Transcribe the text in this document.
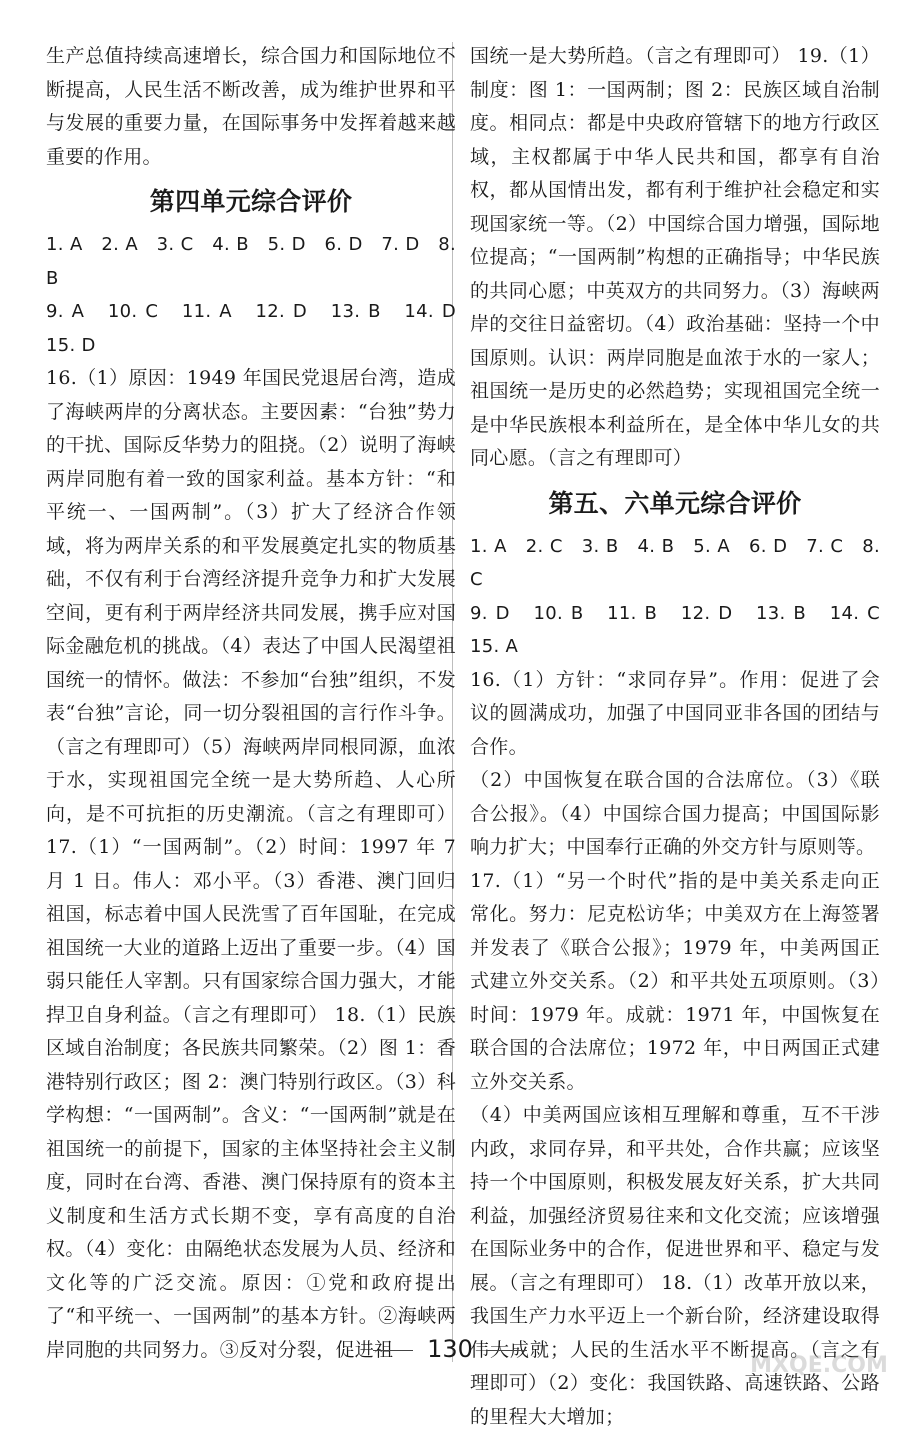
生产总值持续高速增长，综合国力和国际地位不断提高，人民生活不断改善，成为维护世界和平与发展的重要力量，在国际事务中发挥着越来越重要的作用。

第四单元综合评价
1. A   2. A   3. C   4. B   5. D   6. D   7. D   8. B
9. A   10. C   11. A   12. D   13. B   14. D   15. D

16.（1）原因：1949 年国民党退居台湾，造成了海峡两岸的分离状态。主要因素：“台独”势力的干扰、国际反华势力的阻挠。（2）说明了海峡两岸同胞有着一致的国家利益。基本方针：“和平统一、一国两制”。（3）扩大了经济合作领域，将为两岸关系的和平发展奠定扎实的物质基础，不仅有利于台湾经济提升竞争力和扩大发展空间，更有利于两岸经济共同发展，携手应对国际金融危机的挑战。（4）表达了中国人民渴望祖国统一的情怀。做法：不参加“台独”组织，不发表“台独”言论，同一切分裂祖国的言行作斗争。（言之有理即可）（5）海峡两岸同根同源，血浓于水，实现祖国完全统一是大势所趋、人心所向，是不可抗拒的历史潮流。（言之有理即可） 17.（1）“一国两制”。（2）时间：1997 年 7 月 1 日。伟人：邓小平。（3）香港、澳门回归祖国，标志着中国人民洗雪了百年国耻，在完成祖国统一大业的道路上迈出了重要一步。（4）国弱只能任人宰割。只有国家综合国力强大，才能捍卫自身利益。（言之有理即可） 18.（1）民族区域自治制度；各民族共同繁荣。（2）图 1：香港特别行政区；图 2：澳门特别行政区。（3）科学构想：“一国两制”。含义：“一国两制”就是在祖国统一的前提下，国家的主体坚持社会主义制度，同时在台湾、香港、澳门保持原有的资本主义制度和生活方式长期不变，享有高度的自治权。（4）变化：由隔绝状态发展为人员、经济和文化等的广泛交流。原因：①党和政府提出了“和平统一、一国两制”的基本方针。②海峡两岸同胞的共同努力。③反对分裂，促进祖

国统一是大势所趋。（言之有理即可） 19.（1）制度：图 1：一国两制；图 2：民族区域自治制度。相同点：都是中央政府管辖下的地方行政区域，主权都属于中华人民共和国，都享有自治权，都从国情出发，都有利于维护社会稳定和实现国家统一等。（2）中国综合国力增强，国际地位提高；“一国两制”构想的正确指导；中华民族的共同心愿；中英双方的共同努力。（3）海峡两岸的交往日益密切。（4）政治基础：坚持一个中国原则。认识：两岸同胞是血浓于水的一家人；祖国统一是历史的必然趋势；实现祖国完全统一是中华民族根本利益所在，是全体中华儿女的共同心愿。（言之有理即可）

第五、六单元综合评价
1. A   2. C   3. B   4. B   5. A   6. D   7. C   8. C
9. D   10. B   11. B   12. D   13. B   14. C   15. A

16.（1）方针：“求同存异”。作用：促进了会议的圆满成功，加强了中国同亚非各国的团结与合作。

（2）中国恢复在联合国的合法席位。（3）《联合公报》。（4）中国综合国力提高；中国国际影响力扩大；中国奉行正确的外交方针与原则等。

17.（1）“另一个时代”指的是中美关系走向正常化。努力：尼克松访华；中美双方在上海签署并发表了《联合公报》；1979 年，中美两国正式建立外交关系。（2）和平共处五项原则。（3）时间：1979 年。成就：1971 年，中国恢复在联合国的合法席位；1972 年，中日两国正式建立外交关系。

（4）中美两国应该相互理解和尊重，互不干涉内政，求同存异，和平共处，合作共赢；应该坚持一个中国原则，积极发展友好关系，扩大共同利益，加强经济贸易往来和文化交流；应该增强在国际业务中的合作，促进世界和平、稳定与发展。（言之有理即可） 18.（1）改革开放以来，我国生产力水平迈上一个新台阶，经济建设取得伟大成就；人民的生活水平不断提高。（言之有理即可）（2）变化：我国铁路、高速铁路、公路的里程大大增加；

130
MXQE.COM
